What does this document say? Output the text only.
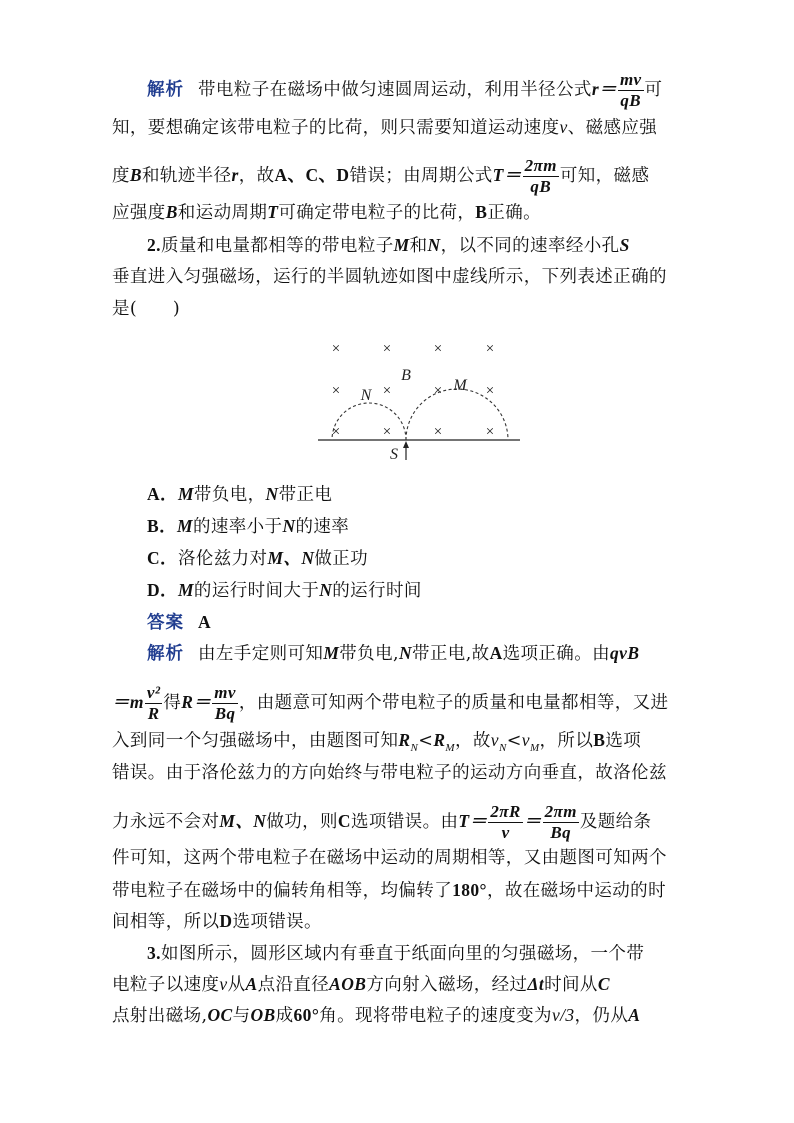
解析 带电粒子在磁场中做匀速圆周运动，利用半径公式$r= \frac{mv}{qB}$ 可
知，要想确定该带电粒子的比荷，则只需要知道运动速度v、磁感应强
度B和轨迹半径r，故A、C、D错误；由周期公式$T= \frac{2\pi m}{qB}$ 可知，磁感
应强度B和运动周期T可确定带电粒子的比荷，B正确。
2.质量和电量都相等的带电粒子M和N，以不同的速率经小孔S
垂直进入匀强磁场，运行的半圆轨迹如图中虚线所示，下列表述正确的
是(　　)
×	×	×	×
×	×	×	×
×	×	×	×
B
N
M
S
A．M带负电，N带正电
B．M的速率小于N的速率
C．洛伦兹力对M、N做正功
D．M的运行时间大于N的运行时间
答案 A
解析 由左手定则可知M带负电,N带正电,故A选项正确。由qvB
$=m \frac{\text{v²}}{R}$ 得$R= \frac{mv}{Bq}$ ，由题意可知两个带电粒子的质量和电量都相等，又进
入到同一个匀强磁场中，由题图可知$R_N<R_M$，故$v_N<v_M$，所以B选项
错误。由于洛伦兹力的方向始终与带电粒子的运动方向垂直，故洛伦兹
力永远不会对M、N做功，则C选项错误。由$T= \frac{2\pi R}{v} = \frac{2\pi m}{Bq}$ 及题给条
件可知，这两个带电粒子在磁场中运动的周期相等，又由题图可知两个
带电粒子在磁场中的偏转角相等，均偏转了180°，故在磁场中运动的时
间相等，所以D选项错误。
3.如图所示，圆形区域内有垂直于纸面向里的匀强磁场，一个带
电粒子以速度v从A点沿直径AOB方向射入磁场，经过Δt时间从C
点射出磁场,OC与OB成60°角。现将带电粒子的速度变为v/3，仍从A
